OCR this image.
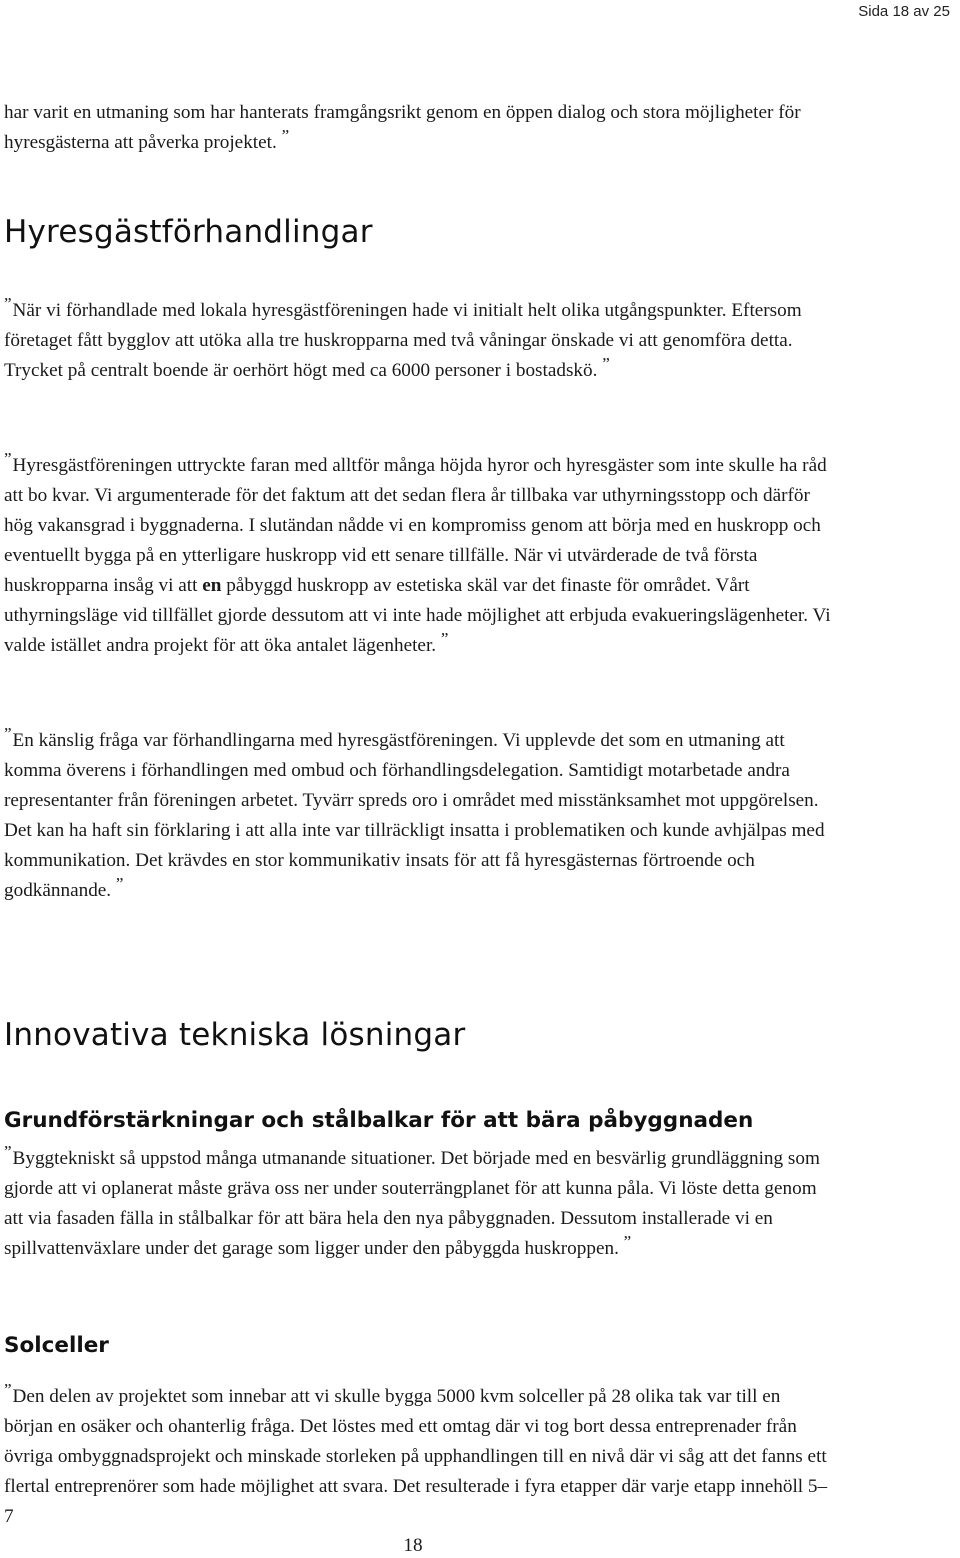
Sida 18 av 25

har varit en utmaning som har hanterats framgångsrikt genom en öppen dialog och stora möjligheter för hyresgästerna att påverka projektet. ”

Hyresgästförhandlingar

”När vi förhandlade med lokala hyresgästföreningen hade vi initialt helt olika utgångspunkter. Eftersom företaget fått bygglov att utöka alla tre huskropparna med två våningar önskade vi att genomföra detta. Trycket på centralt boende är oerhört högt med ca 6000 personer i bostadskö. ”

”Hyresgästföreningen uttryckte faran med alltför många höjda hyror och hyresgäster som inte skulle ha råd att bo kvar. Vi argumenterade för det faktum att det sedan flera år tillbaka var uthyrningsstopp och därför hög vakansgrad i byggnaderna. I slutändan nådde vi en kompromiss genom att börja med en huskropp och eventuellt bygga på en ytterligare huskropp vid ett senare tillfälle. När vi utvärderade de två första huskropparna insåg vi att en påbyggd huskropp av estetiska skäl var det finaste för området. Vårt uthyrningsläge vid tillfället gjorde dessutom att vi inte hade möjlighet att erbjuda evakueringslägenheter. Vi valde istället andra projekt för att öka antalet lägenheter. ”

”En känslig fråga var förhandlingarna med hyresgästföreningen. Vi upplevde det som en utmaning att komma överens i förhandlingen med ombud och förhandlingsdelegation. Samtidigt motarbetade andra representanter från föreningen arbetet. Tyvärr spreds oro i området med misstänksamhet mot uppgörelsen. Det kan ha haft sin förklaring i att alla inte var tillräckligt insatta i problematiken och kunde avhjälpas med kommunikation. Det krävdes en stor kommunikativ insats för att få hyresgästernas förtroende och godkännande. ”

Innovativa tekniska lösningar
Grundförstärkningar och stålbalkar för att bära påbyggnaden

”Byggtekniskt så uppstod många utmanande situationer. Det började med en besvärlig grundläggning som gjorde att vi oplanerat måste gräva oss ner under souterrängplanet för att kunna påla. Vi löste detta genom att via fasaden fälla in stålbalkar för att bära hela den nya påbyggnaden. Dessutom installerade vi en spillvattenväxlare under det garage som ligger under den påbyggda huskroppen. ”

Solceller

”Den delen av projektet som innebar att vi skulle bygga 5000 kvm solceller på 28 olika tak var till en början en osäker och ohanterlig fråga. Det löstes med ett omtag där vi tog bort dessa entreprenader från övriga ombyggnadsprojekt och minskade storleken på upphandlingen till en nivå där vi såg att det fanns ett flertal entreprenörer som hade möjlighet att svara. Det resulterade i fyra etapper där varje etapp innehöll 5–7

18
